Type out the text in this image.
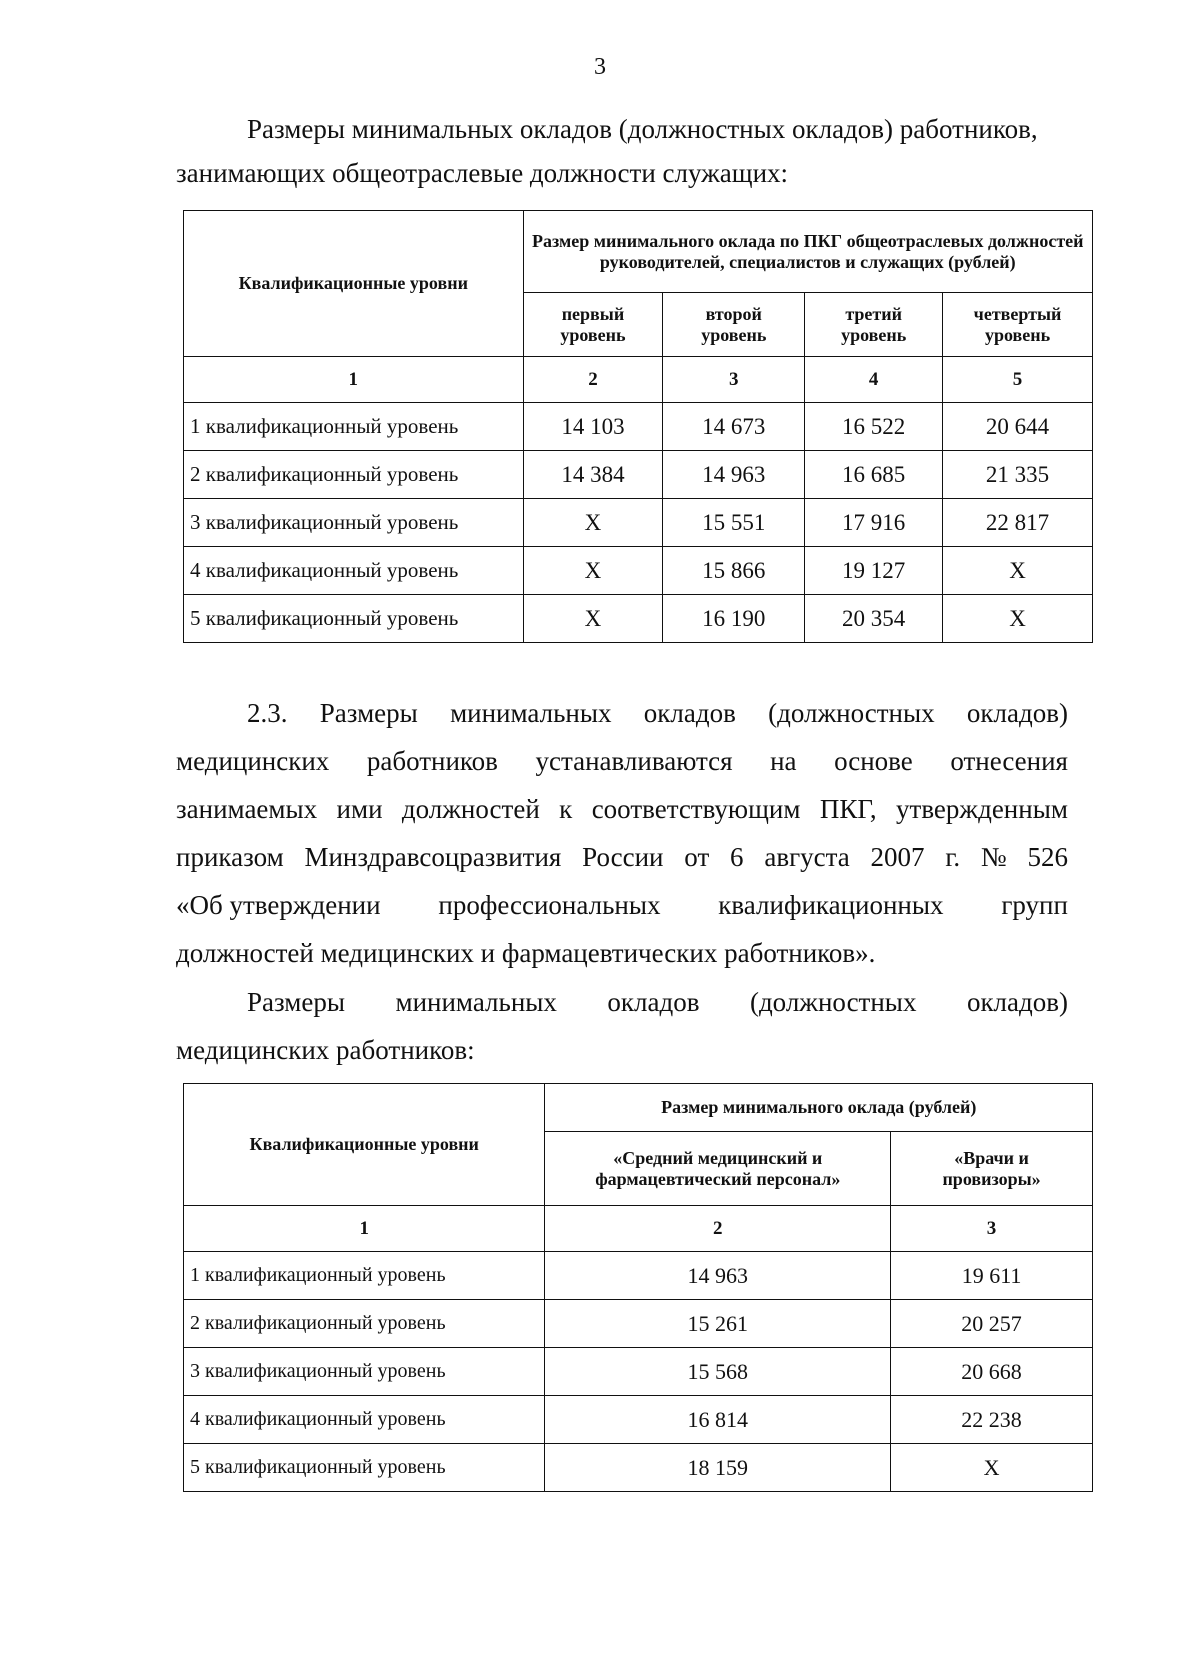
3
Размеры минимальных окладов (должностных окладов) работников,
занимающих общеотраслевые должности служащих:
Квалификационные уровни	Размер минимального оклада по ПКГ общеотраслевых должностей руководителей, специалистов и служащих (рублей)			
	первый уровень	второй уровень	третий уровень	четвертый уровень
1	2	3	4	5
1 квалификационный уровень	14 103	14 673	16 522	20 644
2 квалификационный уровень	14 384	14 963	16 685	21 335
3 квалификационный уровень	X	15 551	17 916	22 817
4 квалификационный уровень	X	15 866	19 127	X
5 квалификационный уровень	X	16 190	20 354	X
2.3. Размеры минимальных окладов (должностных окладов)
медицинских работников устанавливаются на основе отнесения
занимаемых ими должностей к соответствующим ПКГ, утвержденным
приказом Минздравсоцразвития России от 6 августа 2007 г. № 526
«Об утверждении профессиональных квалификационных групп
должностей медицинских и фармацевтических работников».
Размеры минимальных окладов (должностных окладов)
медицинских работников:
Квалификационные уровни	Размер минимального оклада (рублей)	
	«Средний медицинский и фармацевтический персонал»	«Врачи и провизоры»
1	2	3
1 квалификационный уровень	14 963	19 611
2 квалификационный уровень	15 261	20 257
3 квалификационный уровень	15 568	20 668
4 квалификационный уровень	16 814	22 238
5 квалификационный уровень	18 159	X
